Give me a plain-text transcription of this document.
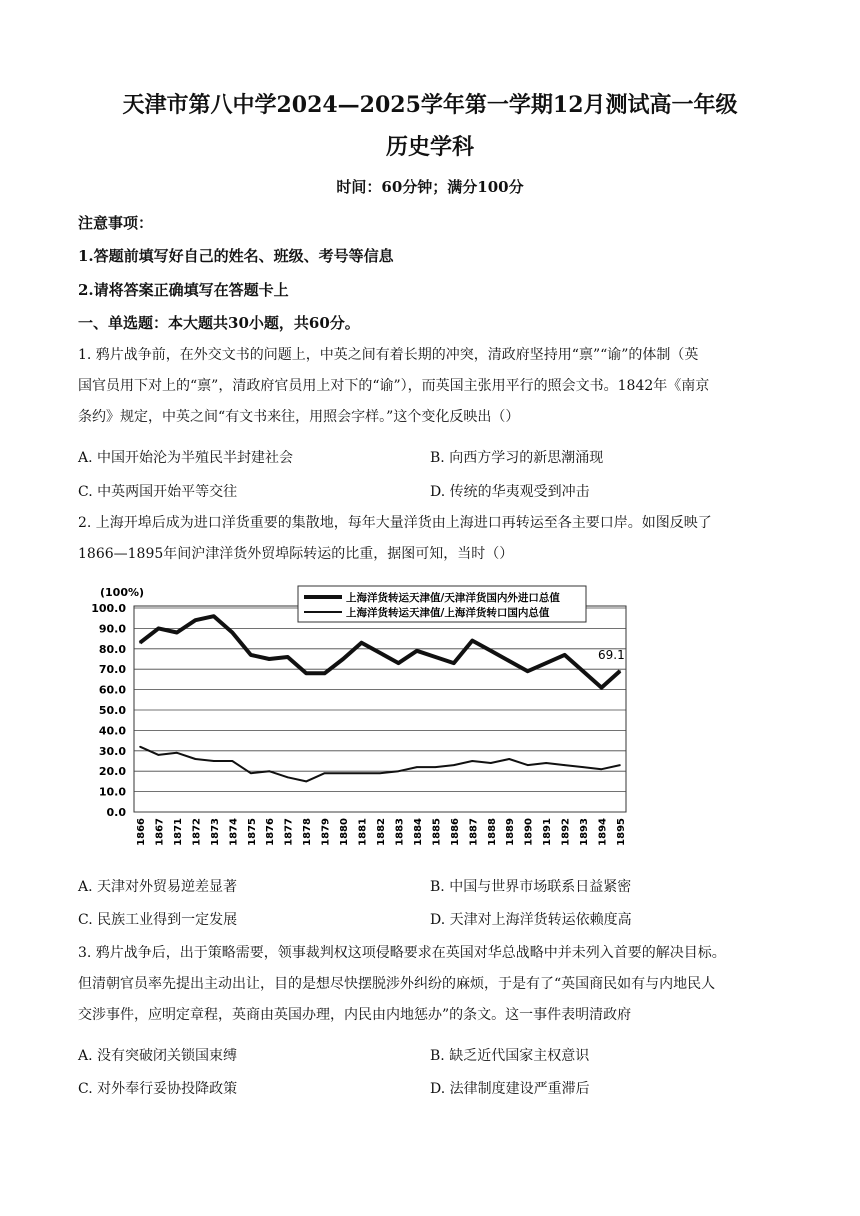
天津市第八中学2024—2025学年第一学期12月测试高一年级
历史学科
时间：60分钟；满分100分
注意事项：
1.答题前填写好自己的姓名、班级、考号等信息
2.请将答案正确填写在答题卡上
一、单选题：本大题共30小题，共60分。
1. 鸦片战争前，在外交文书的问题上，中英之间有着长期的冲突，清政府坚持用“禀”“谕”的体制（英
国官员用下对上的“禀”，清政府官员用上对下的“谕”），而英国主张用平行的照会文书。1842年《南京
条约》规定，中英之间“有文书来往，用照会字样。”这个变化反映出（）
A. 中国开始沦为半殖民半封建社会	B. 向西方学习的新思潮涌现
C. 中英两国开始平等交往	D. 传统的华夷观受到冲击
2. 上海开埠后成为进口洋货重要的集散地，每年大量洋货由上海进口再转运至各主要口岸。如图反映了
1866—1895年间沪津洋货外贸埠际转运的比重，据图可知，当时（）
0.0
10.0
20.0
30.0
40.0
50.0
60.0
70.0
80.0
90.0
100.0
1866 1867 1871 1872 1873 1874 1875 1876 1877 1878 1879 1880 1881 1882 1883 1884 1885 1886 1887 1888 1889 1890 1891 1892 1893 1894 1895
69.1
上海洋货转运天津值/天津洋货国内外进口总值
上海洋货转运天津值/上海洋货转口国内总值
(100%)
A. 天津对外贸易逆差显著	B. 中国与世界市场联系日益紧密
C. 民族工业得到一定发展	D. 天津对上海洋货转运依赖度高
3. 鸦片战争后，出于策略需要，领事裁判权这项侵略要求在英国对华总战略中并未列入首要的解决目标。
但清朝官员率先提出主动出让，目的是想尽快摆脱涉外纠纷的麻烦，于是有了“英国商民如有与内地民人
交涉事件，应明定章程，英商由英国办理，内民由内地惩办”的条文。这一事件表明清政府
A. 没有突破闭关锁国束缚	B. 缺乏近代国家主权意识
C. 对外奉行妥协投降政策	D. 法律制度建设严重滞后
